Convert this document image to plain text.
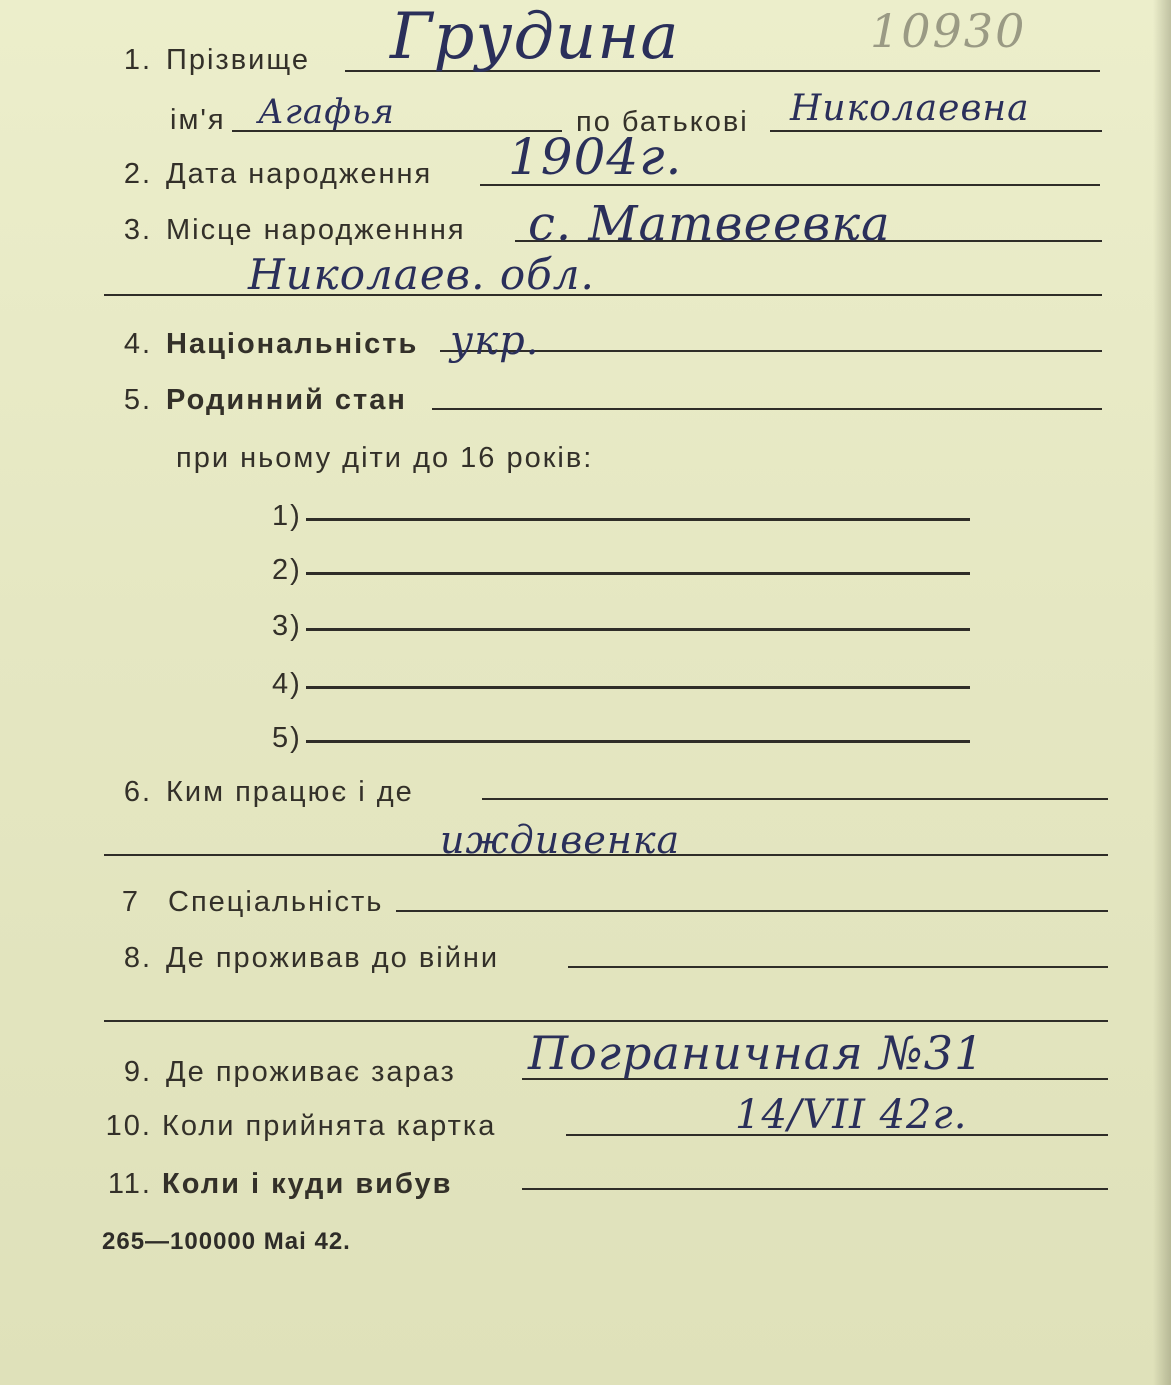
10930
1. Прізвище Грудина
ім'я Агафья	по батькові Николаевна
2. Дата народження 1904г.
3. Місце народженння с. Матвеевка
Николаев. обл.
4. Національність укр.
5. Родинний стан
при ньому діти до 16 років:
1)
2)
3)
4)
5)
6. Ким працює і де
иждивенка
7 Спеціальність
8. Де проживав до війни
9. Де проживає зараз Пограничная №31
10. Коли прийнята картка	14/VII 42г.
11. Коли і куди вибув
265—100000 Mai 42.
